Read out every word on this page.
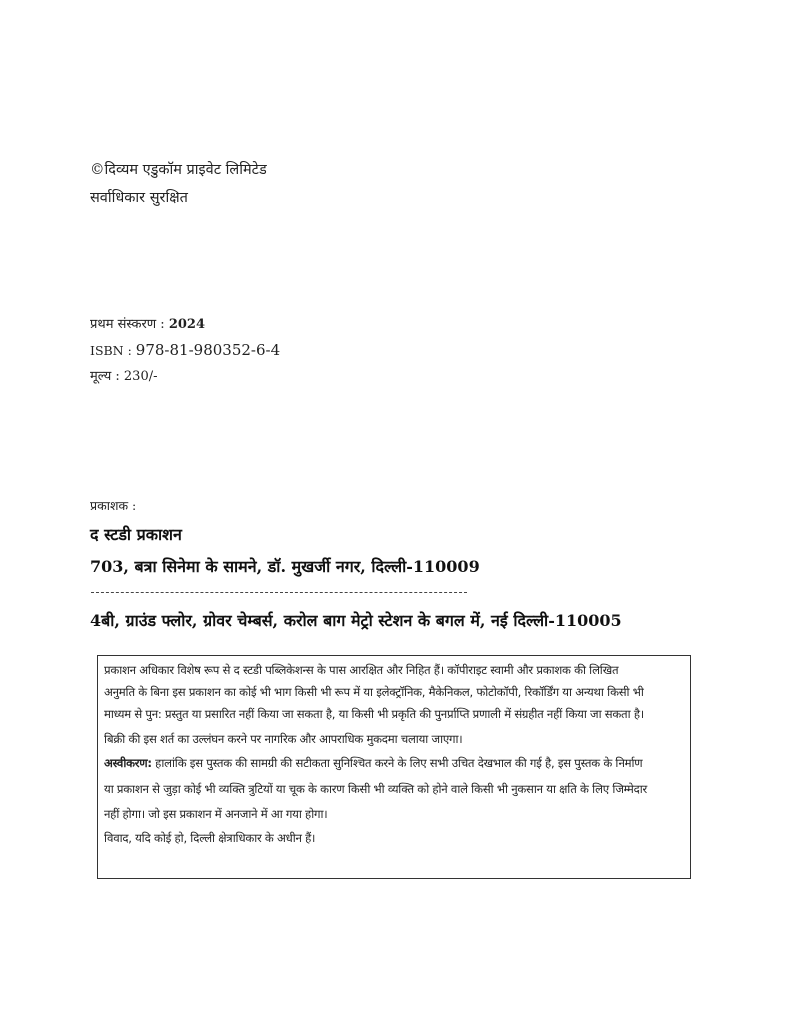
©दिव्यम एडुकॉम प्राइवेट लिमिटेड
सर्वाधिकार सुरक्षित
प्रथम संस्करण : 2024
ISBN : 978-81-980352-6-4
मूल्य : 230/-
प्रकाशक :
द स्टडी प्रकाशन
703, बत्रा सिनेमा के सामने, डॉ. मुखर्जी नगर, दिल्ली-110009
4बी, ग्राउंड फ्लोर, ग्रोवर चेम्बर्स, करोल बाग मेट्रो स्टेशन के बगल में, नई दिल्ली-110005
प्रकाशन अधिकार विशेष रूप से द स्टडी पब्लिकेशन्स के पास आरक्षित और निहित हैं। कॉपीराइट स्वामी और प्रकाशक की लिखित
अनुमति के बिना इस प्रकाशन का कोई भी भाग किसी भी रूप में या इलेक्ट्रॉनिक, मैकेनिकल, फोटोकॉपी, रिकॉर्डिंग या अन्यथा किसी भी
माध्यम से पुन: प्रस्तुत या प्रसारित नहीं किया जा सकता है, या किसी भी प्रकृति की पुनर्प्राप्ति प्रणाली में संग्रहीत नहीं किया जा सकता है।
बिक्री की इस शर्त का उल्लंघन करने पर नागरिक और आपराधिक मुकदमा चलाया जाएगा।
अस्वीकरण: हालांकि इस पुस्तक की सामग्री की सटीकता सुनिश्चित करने के लिए सभी उचित देखभाल की गई है, इस पुस्तक के निर्माण
या प्रकाशन से जुड़ा कोई भी व्यक्ति त्रुटियों या चूक के कारण किसी भी व्यक्ति को होने वाले किसी भी नुकसान या क्षति के लिए जिम्मेदार
नहीं होगा। जो इस प्रकाशन में अनजाने में आ गया होगा।
विवाद, यदि कोई हो, दिल्ली क्षेत्राधिकार के अधीन हैं।
